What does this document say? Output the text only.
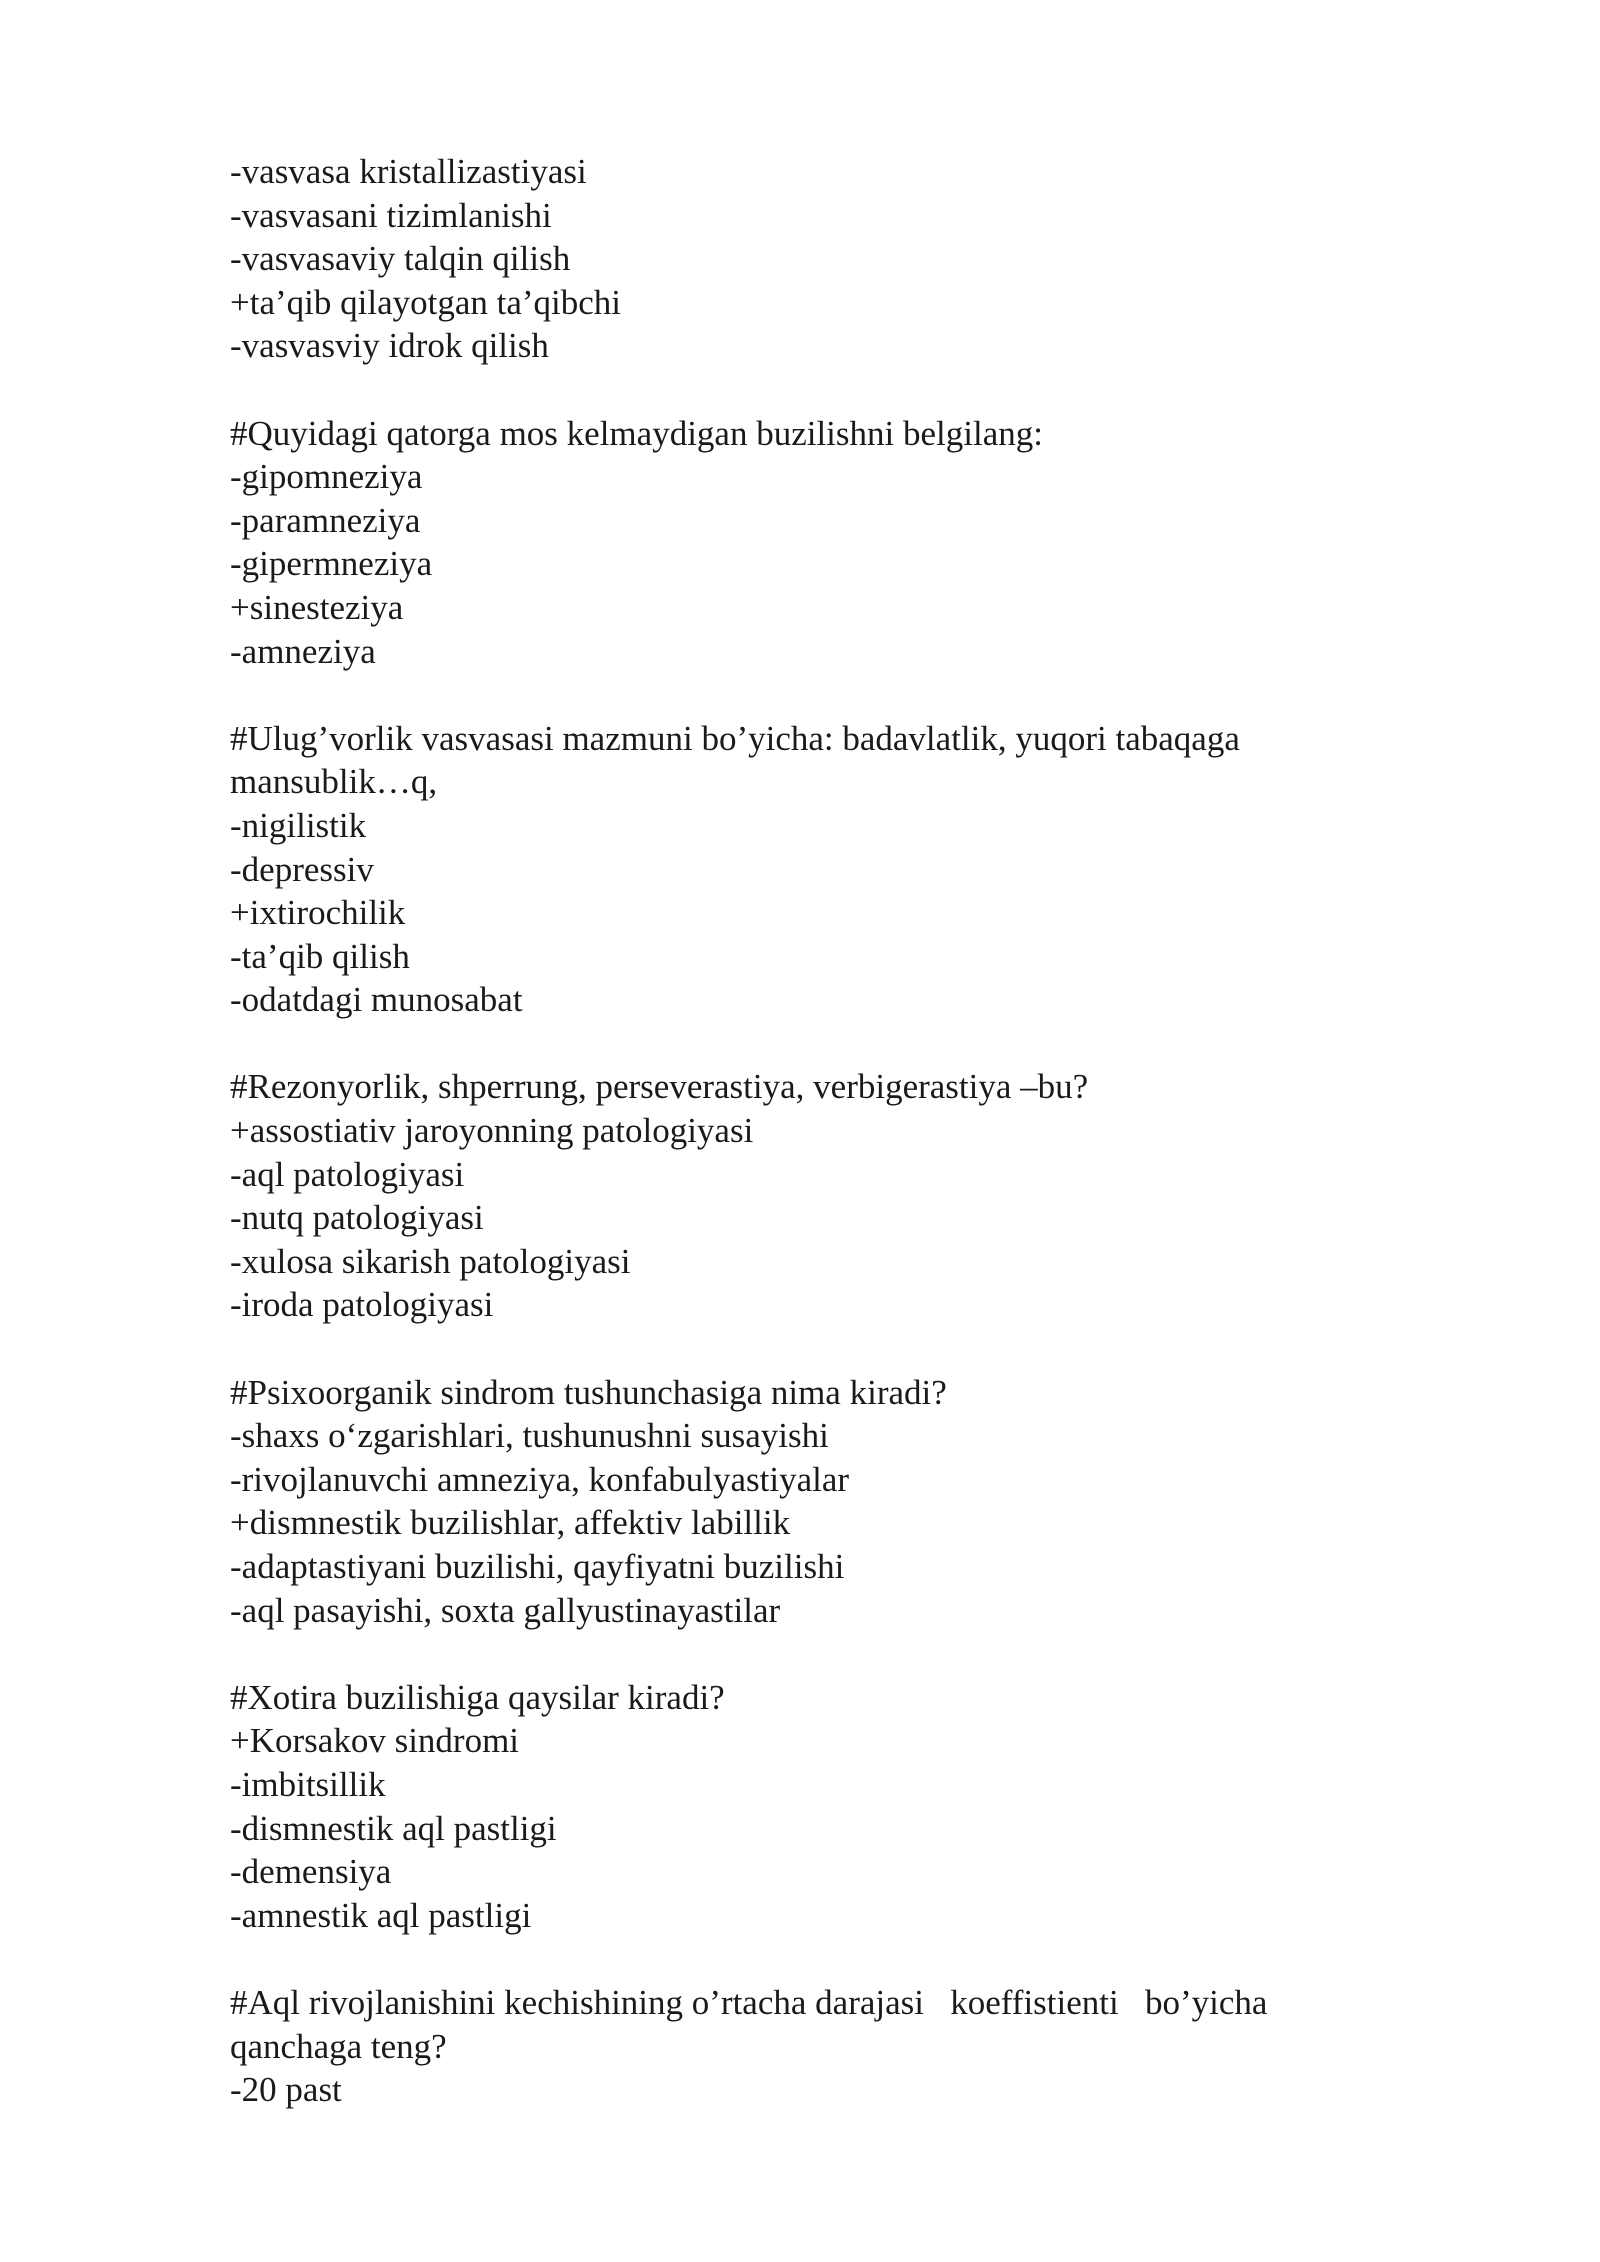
-vasvasa kristallizastiyasi

-vasvasani tizimlanishi

-vasvasaviy talqin qilish

+ta’qib qilayotgan ta’qibchi

-vasvasviy idrok qilish

#Quyidagi qatorga mos kelmaydigan buzilishni belgilang:

-gipomneziya

-paramneziya

-gipermneziya

+sinesteziya

-amneziya

#Ulug’vorlik vasvasasi mazmuni bo’yicha: badavlatlik, yuqori tabaqaga

mansublik…q,

-nigilistik

-depressiv

+ixtirochilik

-ta’qib qilish

-odatdagi munosabat

#Rezonyorlik, shperrung, perseverastiya, verbigerastiya –bu?

+assostiativ jaroyonning patologiyasi

-aql patologiyasi

-nutq patologiyasi

-xulosa sikarish patologiyasi

-iroda patologiyasi

#Psixoorganik sindrom tushunchasiga nima kiradi?

-shaxs o‘zgarishlari, tushunushni susayishi

-rivojlanuvchi amneziya, konfabulyastiyalar

+dismnestik buzilishlar, affektiv labillik

-adaptastiyani buzilishi, qayfiyatni buzilishi

-aql pasayishi, soxta gallyustinayastilar

#Xotira buzilishiga qaysilar kiradi?

+Korsakov sindromi

-imbitsillik

-dismnestik aql pastligi

-demensiya

-amnestik aql pastligi

#Aql rivojlanishini kechishining o’rtacha darajasi   koeffistienti   bo’yicha

qanchaga teng?

-20 past
